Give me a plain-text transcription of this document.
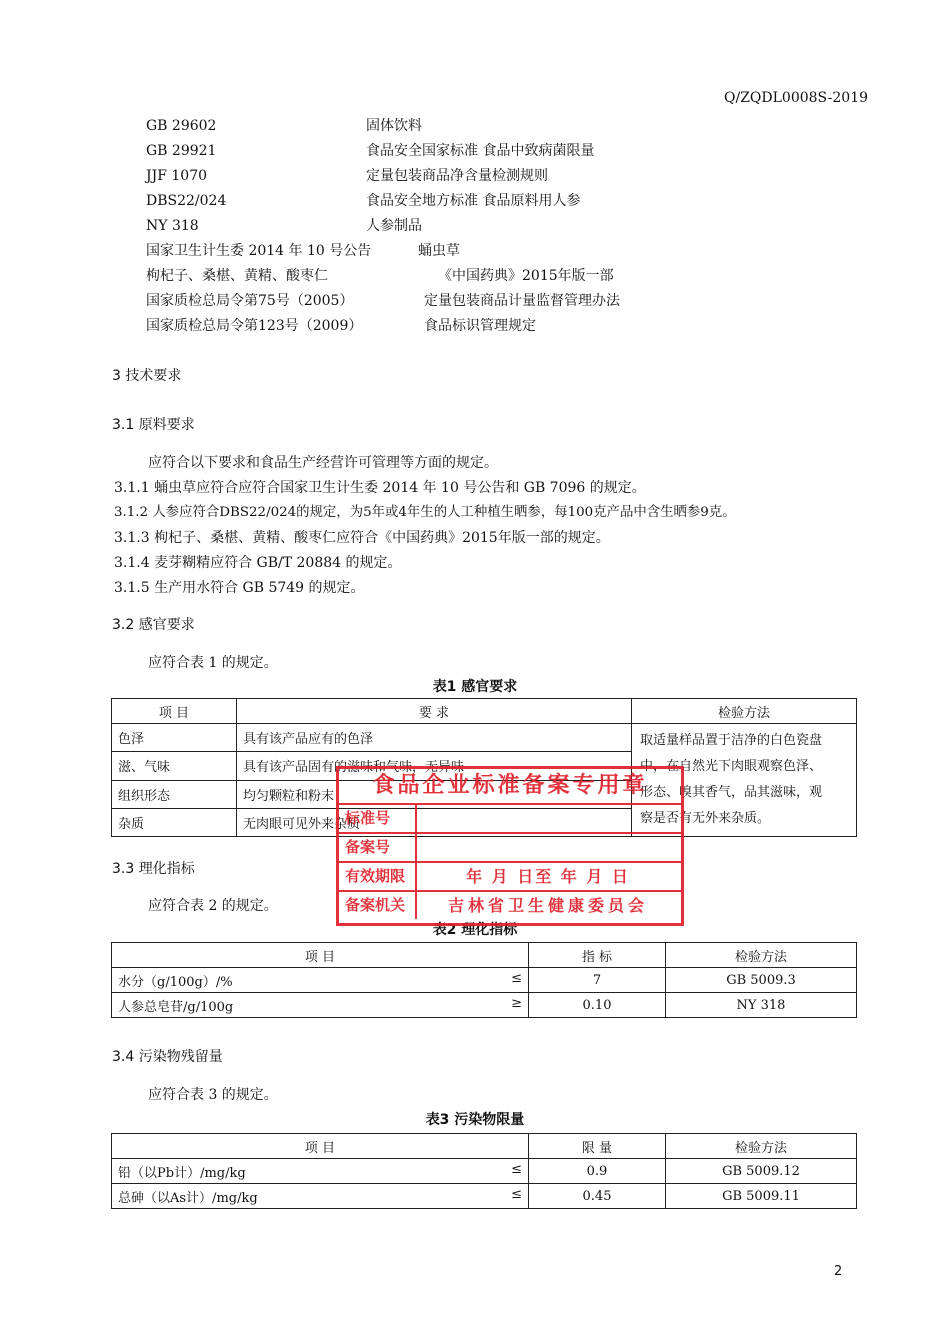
Q/ZQDL0008S-2019
GB 29602	固体饮料
GB 29921	食品安全国家标准 食品中致病菌限量
JJF 1070	定量包装商品净含量检测规则
DBS22/024	食品安全地方标准 食品原料用人参
NY 318	人参制品
国家卫生计生委 2014 年 10 号公告	蛹虫草
枸杞子、桑椹、黄精、酸枣仁	《中国药典》2015年版一部
国家质检总局令第75号（2005）	定量包装商品计量监督管理办法
国家质检总局令第123号（2009）	食品标识管理规定
3 技术要求
3.1 原料要求
应符合以下要求和食品生产经营许可管理等方面的规定。
3.1.1 蛹虫草应符合应符合国家卫生计生委 2014 年 10 号公告和 GB 7096 的规定。
3.1.2 人参应符合DBS22/024的规定，为5年或4年生的人工种植生晒参，每100克产品中含生晒参9克。
3.1.3 枸杞子、桑椹、黄精、酸枣仁应符合《中国药典》2015年版一部的规定。
3.1.4 麦芽糊精应符合 GB/T 20884 的规定。
3.1.5 生产用水符合 GB 5749 的规定。
3.2 感官要求
应符合表 1 的规定。
表1 感官要求
项 目	要 求	检验方法
色泽	具有该产品应有的色泽	取适量样品置于洁净的白色瓷盘
中，在自然光下肉眼观察色泽、
形态、嗅其香气，品其滋味，观
察是否有无外来杂质。

滋、气味	具有该产品固有的滋味和气味，无异味	
组织形态	均匀颗粒和粉末	
杂质	无肉眼可见外来杂质	
3.3 理化指标
应符合表 2 的规定。
表2 理化指标
项 目	指 标	检验方法
水分（g/100g）/% ≤	7	GB 5009.3
人参总皂苷/g/100g ≥	0.10	NY 318
3.4 污染物残留量
应符合表 3 的规定。
表3 污染物限量
项 目	限 量	检验方法
铅（以Pb计）/mg/kg ≤	0.9	GB 5009.12
总砷（以As计）/mg/kg ≤	0.45	GB 5009.11
食品企业标准备案专用章
标准号
备案号
有效期限	年 月 日至 年 月 日
备案机关	吉林省卫生健康委员会
2
